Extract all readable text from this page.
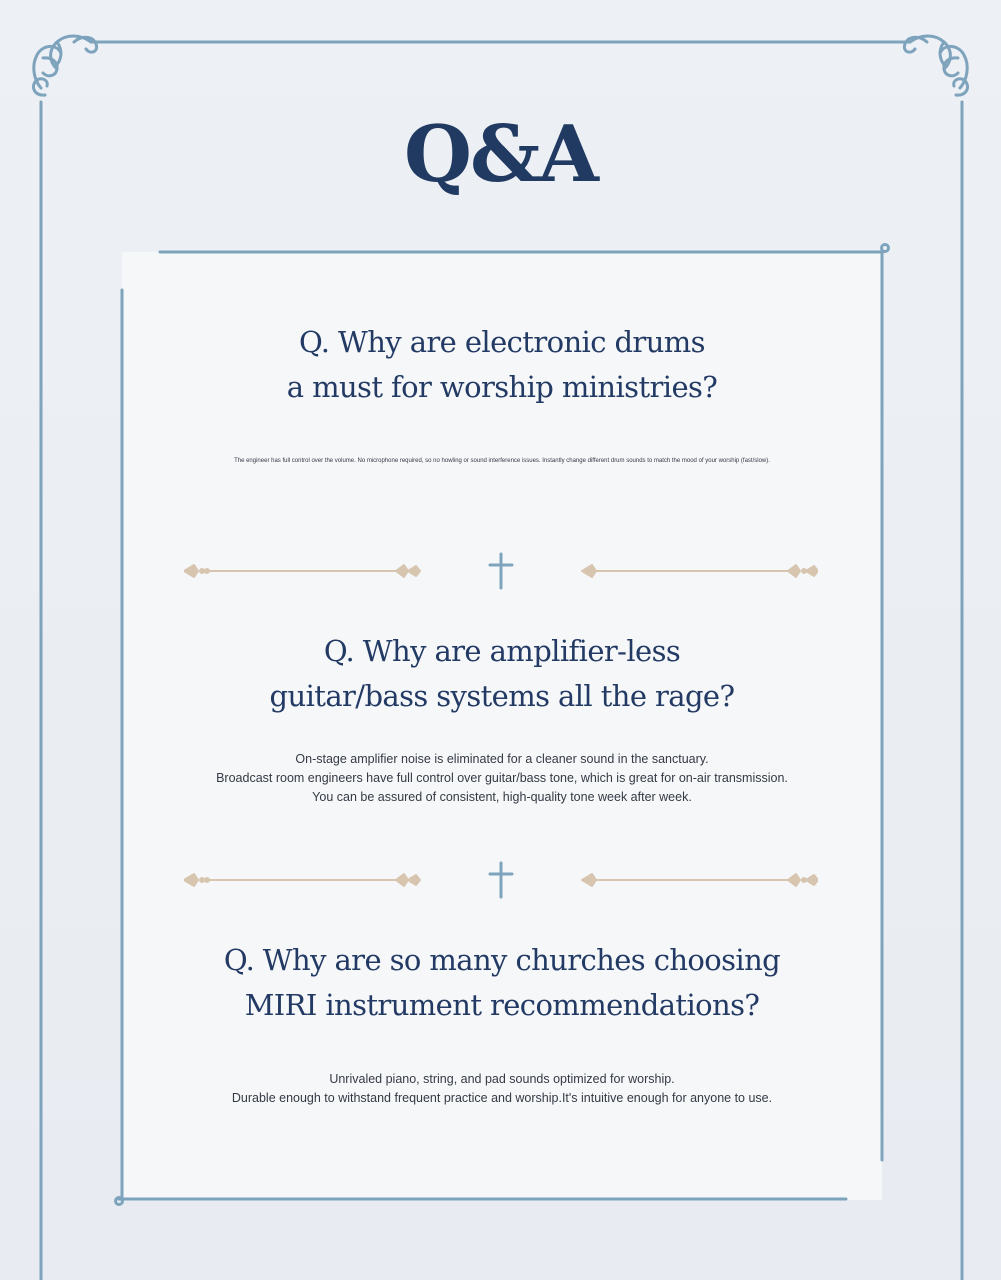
Q&A
Q. Why are electronic drums
a must for worship ministries?

The engineer has full control over the volume. No microphone required, so no howling or sound interference issues. Instantly change different drum sounds to match the mood of your worship (fast/slow).

Q. Why are amplifier-less
guitar/bass systems all the rage?

On-stage amplifier noise is eliminated for a cleaner sound in the sanctuary.
Broadcast room engineers have full control over guitar/bass tone, which is great for on-air transmission.
You can be assured of consistent, high-quality tone week after week.

Q. Why are so many churches choosing
MIRI instrument recommendations?

Unrivaled piano, string, and pad sounds optimized for worship.
Durable enough to withstand frequent practice and worship.It's intuitive enough for anyone to use.
